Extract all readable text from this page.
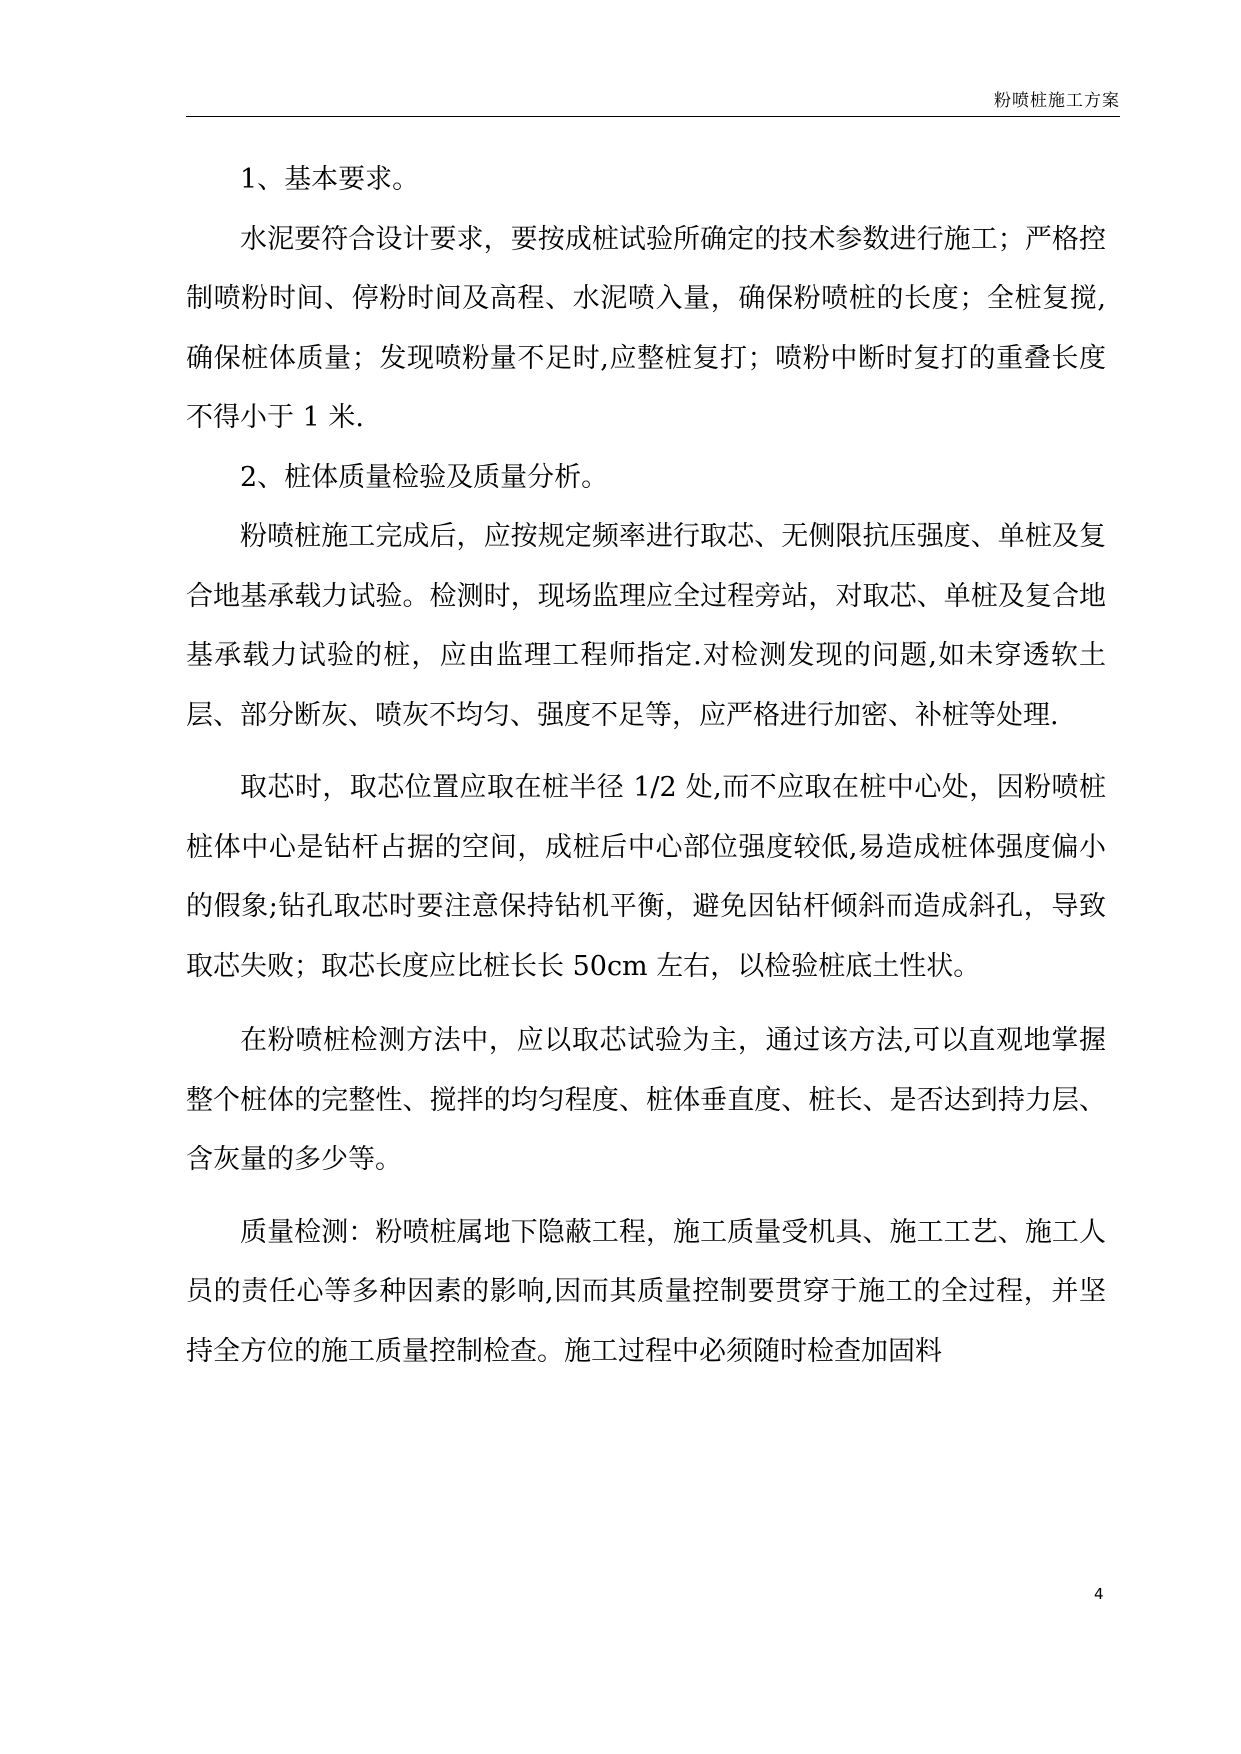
粉喷桩施工方案

1、基本要求。

水泥要符合设计要求，要按成桩试验所确定的技术参数进行施工；严格控制喷粉时间、停粉时间及高程、水泥喷入量，确保粉喷桩的长度；全桩复搅,确保桩体质量；发现喷粉量不足时,应整桩复打；喷粉中断时复打的重叠长度不得小于 1 米.

2、桩体质量检验及质量分析。

粉喷桩施工完成后，应按规定频率进行取芯、无侧限抗压强度、单桩及复合地基承载力试验。检测时，现场监理应全过程旁站，对取芯、单桩及复合地基承载力试验的桩，应由监理工程师指定.对检测发现的问题,如未穿透软土层、部分断灰、喷灰不均匀、强度不足等，应严格进行加密、补桩等处理.

取芯时，取芯位置应取在桩半径 1/2 处,而不应取在桩中心处，因粉喷桩桩体中心是钻杆占据的空间，成桩后中心部位强度较低,易造成桩体强度偏小的假象;钻孔取芯时要注意保持钻机平衡，避免因钻杆倾斜而造成斜孔，导致取芯失败；取芯长度应比桩长长 50cm 左右，以检验桩底土性状。

在粉喷桩检测方法中，应以取芯试验为主，通过该方法,可以直观地掌握整个桩体的完整性、搅拌的均匀程度、桩体垂直度、桩长、是否达到持力层、含灰量的多少等。

质量检测：粉喷桩属地下隐蔽工程，施工质量受机具、施工工艺、施工人员的责任心等多种因素的影响,因而其质量控制要贯穿于施工的全过程，并坚持全方位的施工质量控制检查。施工过程中必须随时检查加固料

4
